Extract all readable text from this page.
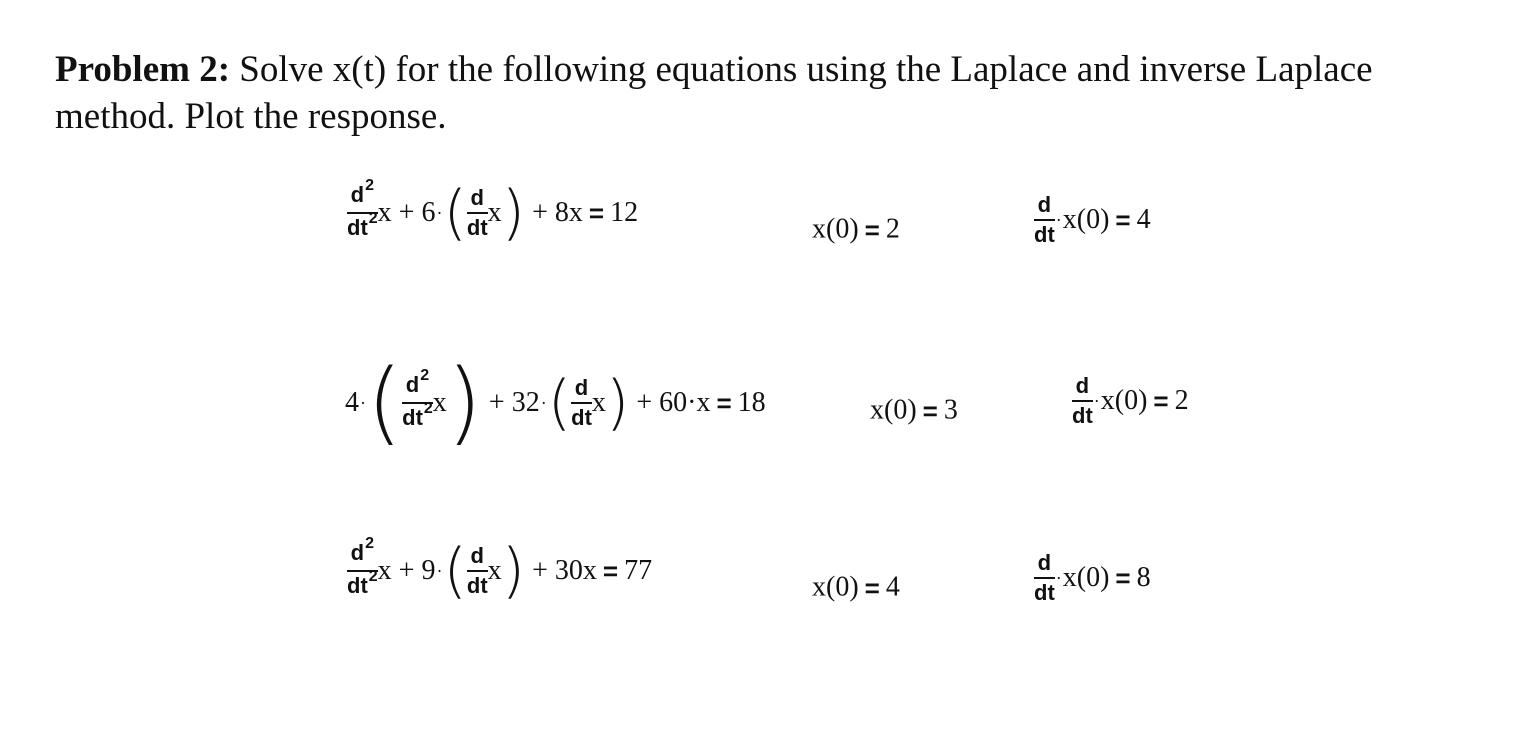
Problem 2: Solve x(t) for the following equations using the Laplace and inverse Laplace method. Plot the response.
$\frac{d^2}{dt^2}$ $x + 6\cdot( \frac{d}{dt} x) + 8x = 12$
x(0) = 2	$\frac{d}{dt} \cdot x(0) = 4$
$4\cdot( \frac{d^2}{dt^2} x) + 32\cdot( \frac{d}{dt} x) + 60\cdot x = 18$	x(0) = 3	$\frac{d}{dt} \cdot x(0) = 2$
$\frac{d^2}{dt^2}$ $x + 9\cdot( \frac{d}{dt} x) + 30x = 77$
x(0) = 4	$\frac{d}{dt} \cdot x(0) = 8$
